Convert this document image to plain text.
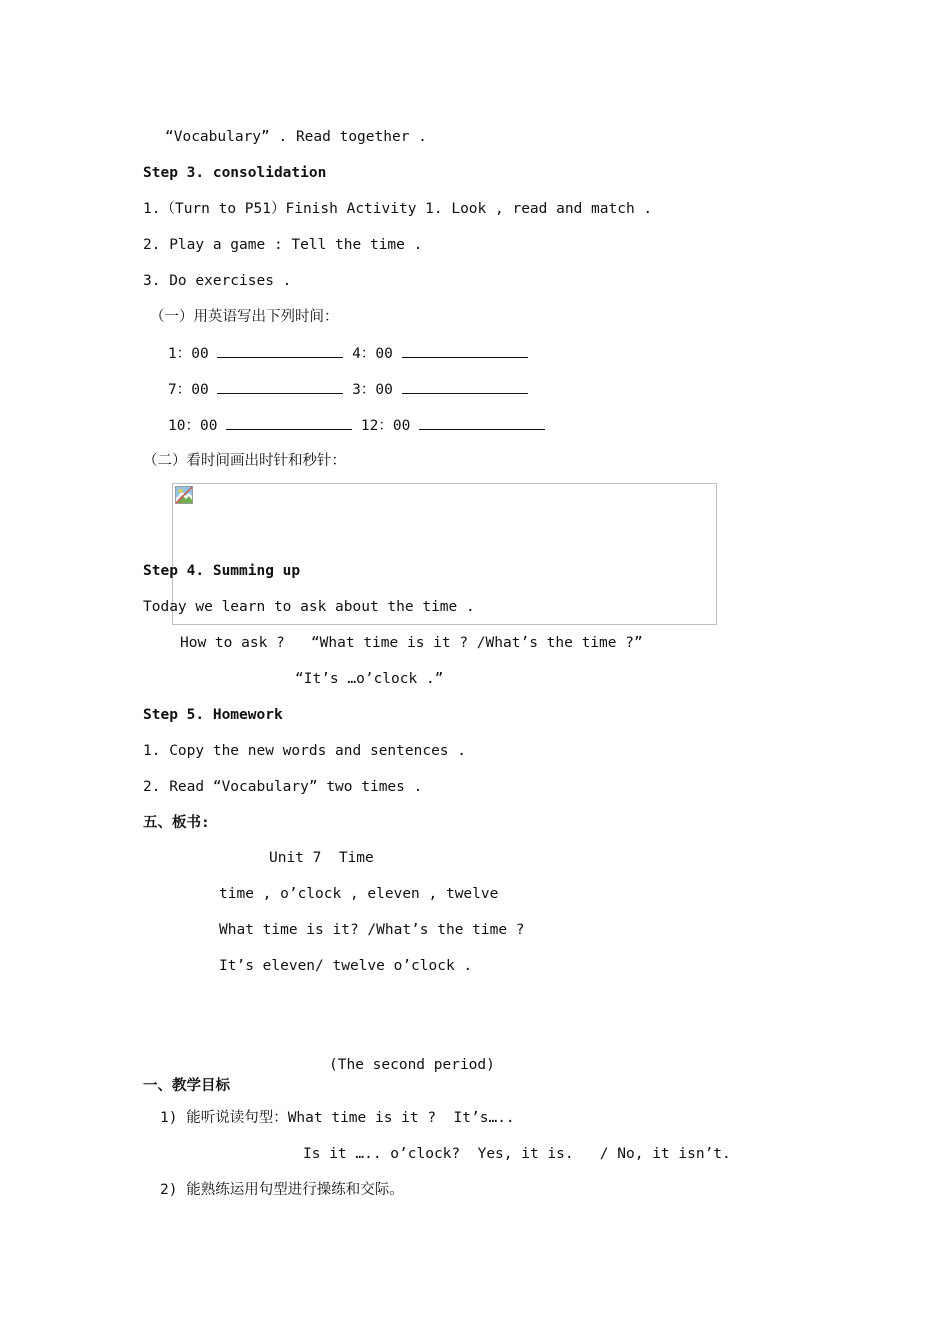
“Vocabulary” . Read together .
Step 3. consolidation
1.（Turn to P51）Finish Activity 1. Look , read and match .
2. Play a game : Tell the time .
3. Do exercises .
（一）用英语写出下列时间：
1：00	4：00
7：00	3：00
10：00	12：00
（二）看时间画出时针和秒针：
Step 4. Summing up
Today we learn to ask about the time .
How to ask ?   “What time is it ? /What’s the time ?”
“It’s …o’clock .”
Step 5. Homework
1. Copy the new words and sentences .
2. Read “Vocabulary” two times .
五、板书:
Unit 7  Time
time , o’clock , eleven , twelve
What time is it? /What’s the time ?
It’s eleven/ twelve o’clock .
(The second period)
一、教学目标
1) 能听说读句型：What time is it ?  It’s…..
Is it ….. o’clock?  Yes, it is.   / No, it isn’t.
2) 能熟练运用句型进行操练和交际。
